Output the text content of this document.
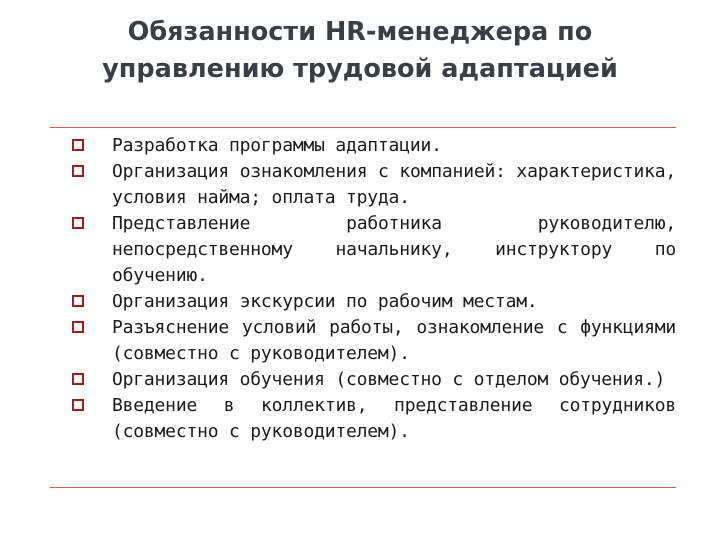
Обязанности HR-менеджера по управлению трудовой адаптацией
Разработка программы адаптации.
Организация ознакомления с компанией: характеристика, условия найма; оплата труда.
Представление работника руководителю, непосредственному начальнику, инструктору по обучению.
Организация экскурсии по рабочим местам.
Разъяснение условий работы, ознакомление с функциями (совместно с руководителем).
Организация обучения (совместно с отделом обучения.)
Введение в коллектив, представление сотрудников (совместно с руководителем).
